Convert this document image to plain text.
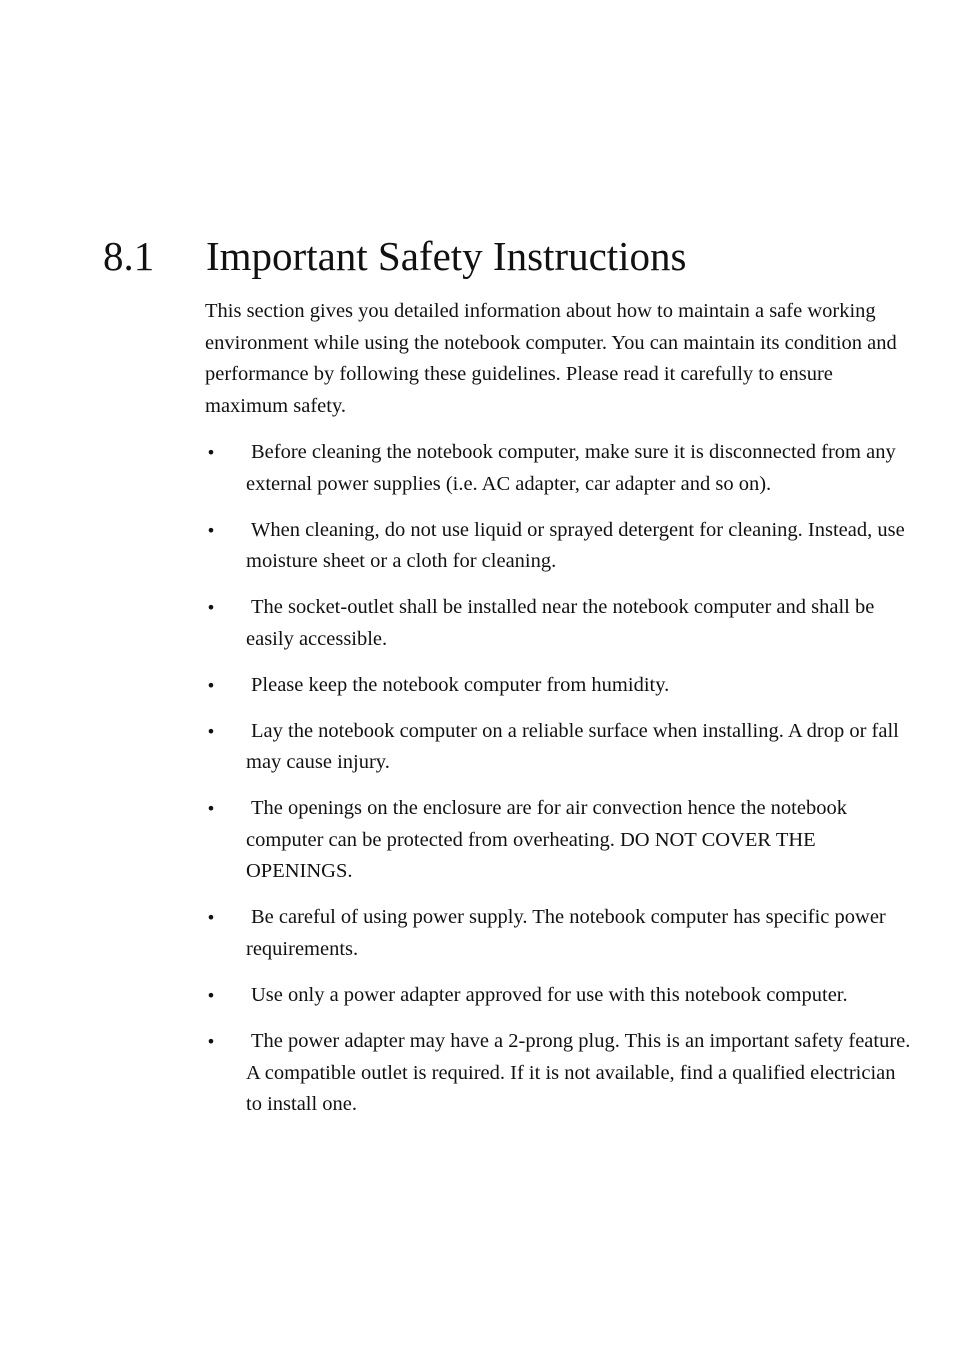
8.1	Important Safety Instructions

This section gives you detailed information about how to maintain a safe working environment while using the notebook computer. You can maintain its condition and performance by following these guidelines. Please read it carefully to ensure maximum safety.

• Before cleaning the notebook computer, make sure it is disconnected from any external power supplies (i.e. AC adapter, car adapter and so on).
• When cleaning, do not use liquid or sprayed detergent for cleaning. Instead, use moisture sheet or a cloth for cleaning.
• The socket-outlet shall be installed near the notebook computer and shall be easily accessible.
• Please keep the notebook computer from humidity.
• Lay the notebook computer on a reliable surface when installing. A drop or fall may cause injury.
• The openings on the enclosure are for air convection hence the notebook computer can be protected from overheating. DO NOT COVER THE OPENINGS.
• Be careful of using power supply. The notebook computer has specific power requirements.
• Use only a power adapter approved for use with this notebook computer.
• The power adapter may have a 2-prong plug. This is an important safety feature. A compatible outlet is required. If it is not available, find a qualified electrician to install one.
